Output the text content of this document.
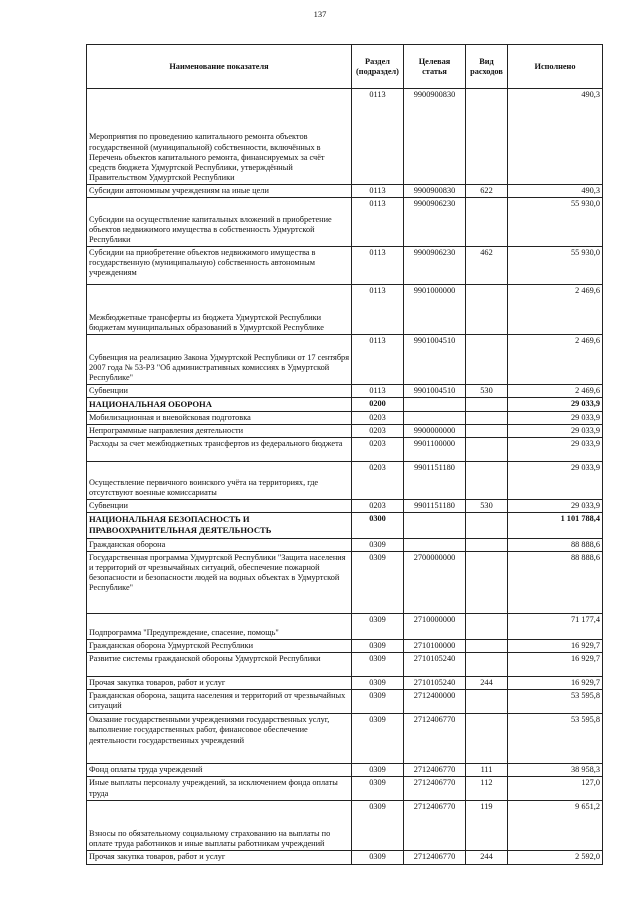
137
Наименование показателя	Раздел (подраздел)	Целевая статья	Вид расходов	Исполнено
Мероприятия по проведению капитального ремонта объектов государственной (муниципальной) собственности, включённых в Перечень объектов капитального ремонта, финансируемых за счёт средств бюджета Удмуртской Республики, утверждённый Правительством Удмуртской Республики	0113	9900900830		490,3
Субсидии автономным учреждениям на иные цели	0113	9900900830	622	490,3
Субсидии на осуществление капитальных вложений в приобретение объектов недвижимого имущества в собственность Удмуртской Республики	0113	9900906230		55 930,0
Субсидии на приобретение объектов недвижимого имущества в государственную (муниципальную) собственность автономным учреждениям	0113	9900906230	462	55 930,0
Межбюджетные трансферты из бюджета Удмуртской Республики бюджетам муниципальных образований в Удмуртской Республике	0113	9901000000		2 469,6
Субвенция на реализацию Закона Удмуртской Республики от 17 сентября 2007 года № 53-РЗ "Об административных комиссиях в Удмуртской Республике"	0113	9901004510		2 469,6
Субвенции	0113	9901004510	530	2 469,6
НАЦИОНАЛЬНАЯ ОБОРОНА	0200			29 033,9
Мобилизационная и вневойсковая подготовка	0203			29 033,9
Непрограммные направления деятельности	0203	9900000000		29 033,9
Расходы за счет межбюджетных трансфертов из федерального бюджета	0203	9901100000		29 033,9
Осуществление первичного воинского учёта на территориях, где отсутствуют военные комиссариаты	0203	9901151180		29 033,9
Субвенции	0203	9901151180	530	29 033,9
НАЦИОНАЛЬНАЯ БЕЗОПАСНОСТЬ И ПРАВООХРАНИТЕЛЬНАЯ ДЕЯТЕЛЬНОСТЬ	0300			1 101 788,4
Гражданская оборона	0309			88 888,6
Государственная программа Удмуртской Республики "Защита населения и территорий от чрезвычайных ситуаций, обеспечение пожарной безопасности и безопасности людей на водных объектах в Удмуртской Республике"	0309	2700000000		88 888,6
Подпрограмма "Предупреждение, спасение, помощь"	0309	2710000000		71 177,4
Гражданская оборона Удмуртской Республики	0309	2710100000		16 929,7
Развитие системы гражданской обороны Удмуртской Республики	0309	2710105240		16 929,7
Прочая закупка товаров, работ и услуг	0309	2710105240	244	16 929,7
Гражданская оборона, защита населения и территорий от чрезвычайных ситуаций	0309	2712400000		53 595,8
Оказание государственными учреждениями государственных услуг, выполнение государственных работ, финансовое обеспечение деятельности государственных учреждений	0309	2712406770		53 595,8
Фонд оплаты труда учреждений	0309	2712406770	111	38 958,3
Иные выплаты персоналу учреждений, за исключением фонда оплаты труда	0309	2712406770	112	127,0
Взносы по обязательному социальному страхованию на выплаты по оплате труда работников и иные выплаты работникам учреждений	0309	2712406770	119	9 651,2
Прочая закупка товаров, работ и услуг	0309	2712406770	244	2 592,0
